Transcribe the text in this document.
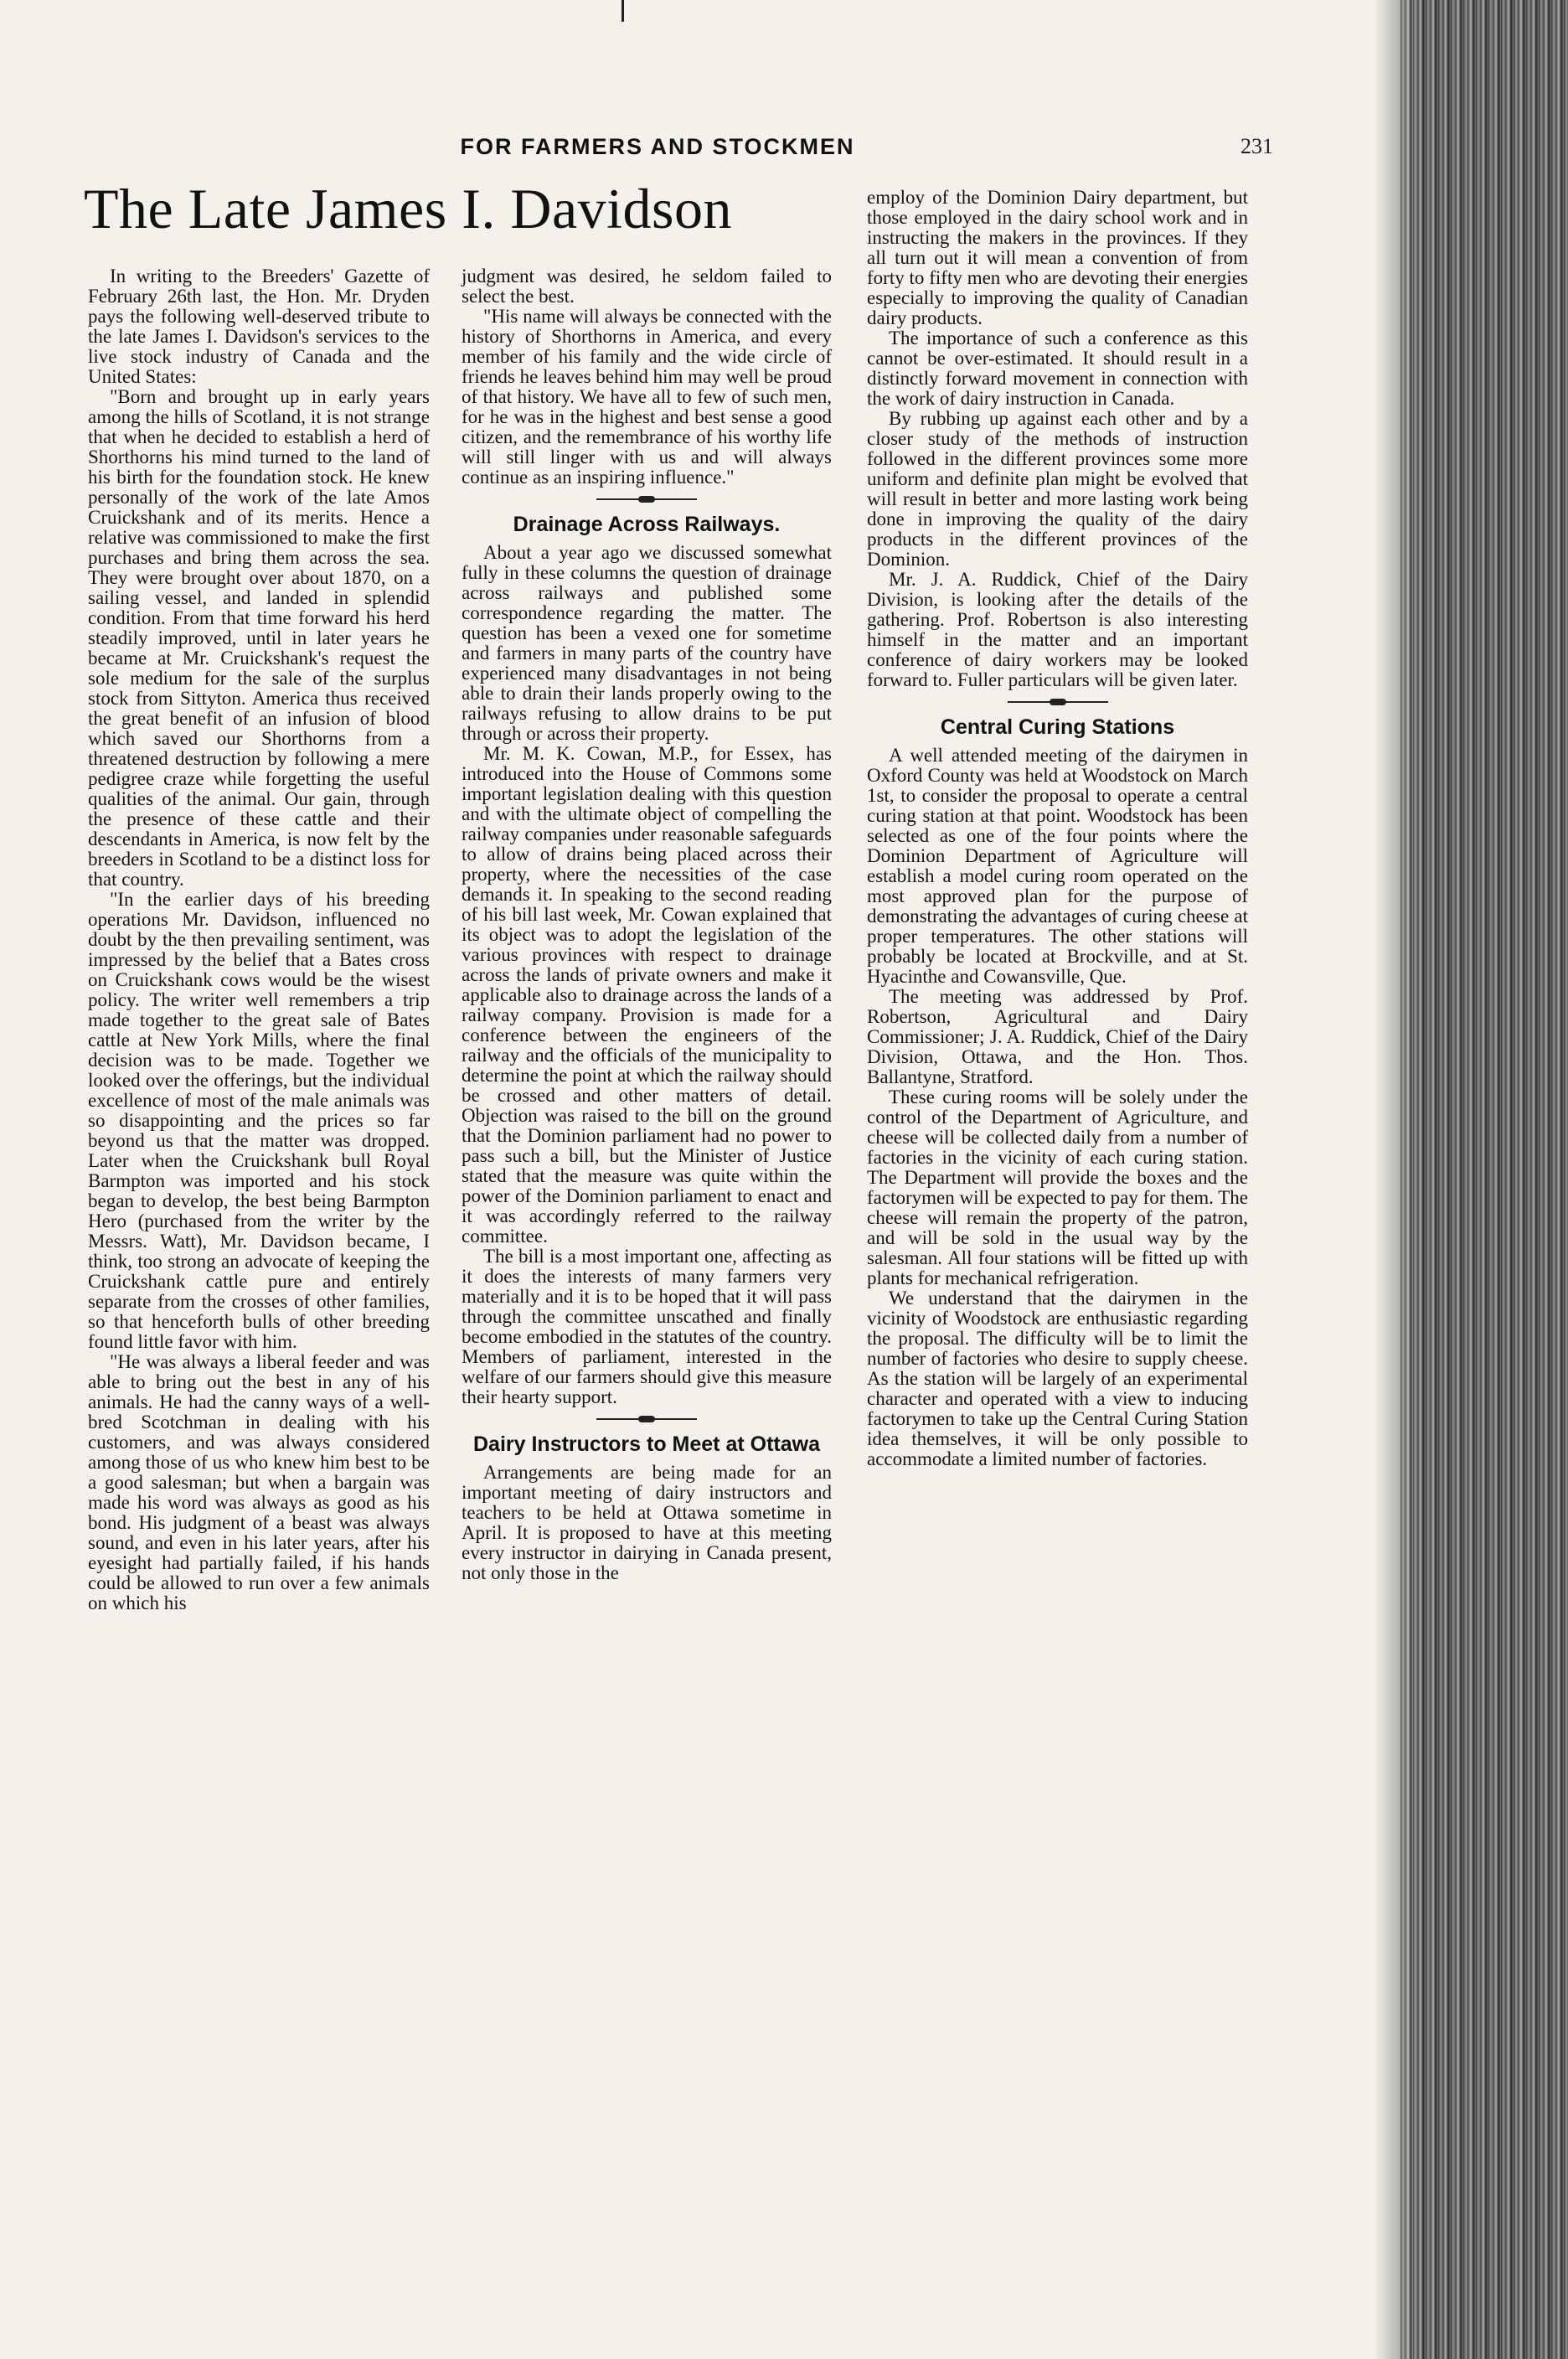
FOR FARMERS AND STOCKMEN	231
The Late James I. Davidson

In writing to the Breeders' Gazette of February 26th last, the Hon. Mr. Dryden pays the following well-deserved tribute to the late James I. Davidson's services to the live stock industry of Canada and the United States:

"Born and brought up in early years among the hills of Scotland, it is not strange that when he decided to establish a herd of Shorthorns his mind turned to the land of his birth for the foundation stock. He knew personally of the work of the late Amos Cruickshank and of its merits. Hence a relative was commissioned to make the first purchases and bring them across the sea. They were brought over about 1870, on a sailing vessel, and landed in splendid condition. From that time forward his herd steadily improved, until in later years he became at Mr. Cruickshank's request the sole medium for the sale of the surplus stock from Sittyton. America thus received the great benefit of an infusion of blood which saved our Shorthorns from a threatened destruction by following a mere pedigree craze while forgetting the useful qualities of the animal. Our gain, through the presence of these cattle and their descendants in America, is now felt by the breeders in Scotland to be a distinct loss for that country.

"In the earlier days of his breeding operations Mr. Davidson, influenced no doubt by the then prevailing sentiment, was impressed by the belief that a Bates cross on Cruickshank cows would be the wisest policy. The writer well remembers a trip made together to the great sale of Bates cattle at New York Mills, where the final decision was to be made. Together we looked over the offerings, but the individual excellence of most of the male animals was so disappointing and the prices so far beyond us that the matter was dropped. Later when the Cruickshank bull Royal Barmpton was imported and his stock began to develop, the best being Barmpton Hero (purchased from the writer by the Messrs. Watt), Mr. Davidson became, I think, too strong an advocate of keeping the Cruickshank cattle pure and entirely separate from the crosses of other families, so that henceforth bulls of other breeding found little favor with him.

"He was always a liberal feeder and was able to bring out the best in any of his animals. He had the canny ways of a well-bred Scotchman in dealing with his customers, and was always considered among those of us who knew him best to be a good salesman; but when a bargain was made his word was always as good as his bond. His judgment of a beast was always sound, and even in his later years, after his eyesight had partially failed, if his hands could be allowed to run over a few animals on which his

judgment was desired, he seldom failed to select the best.

"His name will always be connected with the history of Shorthorns in America, and every member of his family and the wide circle of friends he leaves behind him may well be proud of that history. We have all to few of such men, for he was in the highest and best sense a good citizen, and the remembrance of his worthy life will still linger with us and will always continue as an inspiring influence."

Drainage Across Railways.

About a year ago we discussed somewhat fully in these columns the question of drainage across railways and published some correspondence regarding the matter. The question has been a vexed one for sometime and farmers in many parts of the country have experienced many disadvantages in not being able to drain their lands properly owing to the railways refusing to allow drains to be put through or across their property.

Mr. M. K. Cowan, M.P., for Essex, has introduced into the House of Commons some important legislation dealing with this question and with the ultimate object of compelling the railway companies under reasonable safeguards to allow of drains being placed across their property, where the necessities of the case demands it. In speaking to the second reading of his bill last week, Mr. Cowan explained that its object was to adopt the legislation of the various provinces with respect to drainage across the lands of private owners and make it applicable also to drainage across the lands of a railway company. Provision is made for a conference between the engineers of the railway and the officials of the municipality to determine the point at which the railway should be crossed and other matters of detail. Objection was raised to the bill on the ground that the Dominion parliament had no power to pass such a bill, but the Minister of Justice stated that the measure was quite within the power of the Dominion parliament to enact and it was accordingly referred to the railway committee.

The bill is a most important one, affecting as it does the interests of many farmers very materially and it is to be hoped that it will pass through the committee unscathed and finally become embodied in the statutes of the country. Members of parliament, interested in the welfare of our farmers should give this measure their hearty support.

Dairy Instructors to Meet at Ottawa

Arrangements are being made for an important meeting of dairy instructors and teachers to be held at Ottawa sometime in April. It is proposed to have at this meeting every instructor in dairying in Canada present, not only those in the

employ of the Dominion Dairy department, but those employed in the dairy school work and in instructing the makers in the provinces. If they all turn out it will mean a convention of from forty to fifty men who are devoting their energies especially to improving the quality of Canadian dairy products.

The importance of such a conference as this cannot be over-estimated. It should result in a distinctly forward movement in connection with the work of dairy instruction in Canada.

By rubbing up against each other and by a closer study of the methods of instruction followed in the different provinces some more uniform and definite plan might be evolved that will result in better and more lasting work being done in improving the quality of the dairy products in the different provinces of the Dominion.

Mr. J. A. Ruddick, Chief of the Dairy Division, is looking after the details of the gathering. Prof. Robertson is also interesting himself in the matter and an important conference of dairy workers may be looked forward to. Fuller particulars will be given later.

Central Curing Stations

A well attended meeting of the dairymen in Oxford County was held at Woodstock on March 1st, to consider the proposal to operate a central curing station at that point. Woodstock has been selected as one of the four points where the Dominion Department of Agriculture will establish a model curing room operated on the most approved plan for the purpose of demonstrating the advantages of curing cheese at proper temperatures. The other stations will probably be located at Brockville, and at St. Hyacinthe and Cowansville, Que.

The meeting was addressed by Prof. Robertson, Agricultural and Dairy Commissioner; J. A. Ruddick, Chief of the Dairy Division, Ottawa, and the Hon. Thos. Ballantyne, Stratford.

These curing rooms will be solely under the control of the Department of Agriculture, and cheese will be collected daily from a number of factories in the vicinity of each curing station. The Department will provide the boxes and the factorymen will be expected to pay for them. The cheese will remain the property of the patron, and will be sold in the usual way by the salesman. All four stations will be fitted up with plants for mechanical refrigeration.

We understand that the dairymen in the vicinity of Woodstock are enthusiastic regarding the proposal. The difficulty will be to limit the number of factories who desire to supply cheese. As the station will be largely of an experimental character and operated with a view to inducing factorymen to take up the Central Curing Station idea themselves, it will be only possible to accommodate a limited number of factories.
